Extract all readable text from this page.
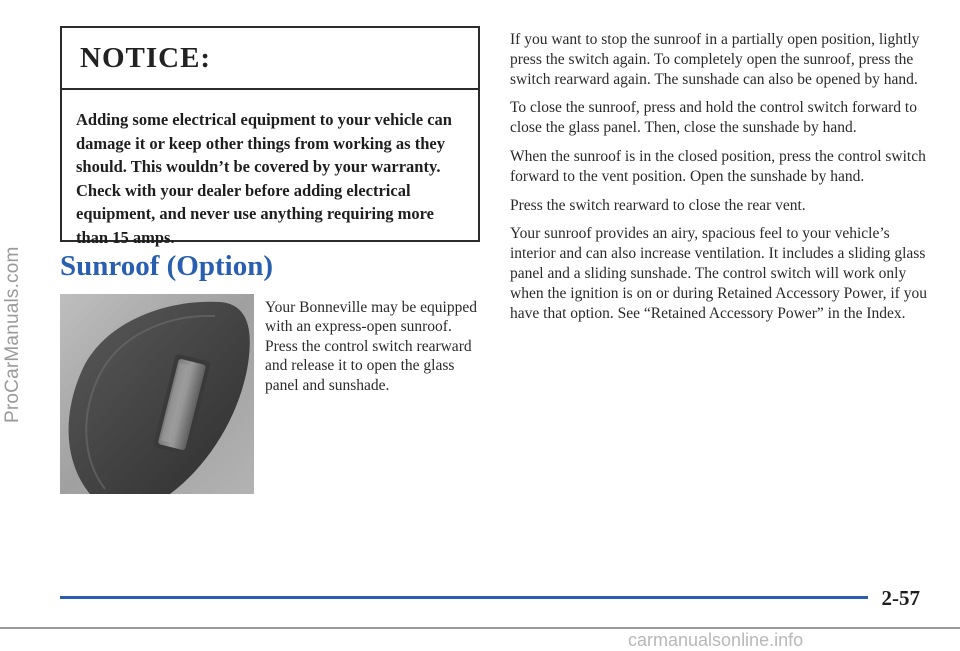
ProCarManuals.com
NOTICE:
Adding some electrical equipment to your vehicle can damage it or keep other things from working as they should. This wouldn’t be covered by your warranty. Check with your dealer before adding electrical equipment, and never use anything requiring more than 15 amps.
Sunroof (Option)

Your Bonneville may be equipped with an express-open sunroof. Press the control switch rearward and release it to open the glass panel and sunshade.

If you want to stop the sunroof in a partially open position, lightly press the switch again. To completely open the sunroof, press the switch rearward again. The sunshade can also be opened by hand.

To close the sunroof, press and hold the control switch forward to close the glass panel. Then, close the sunshade by hand.

When the sunroof is in the closed position, press the control switch forward to the vent position. Open the sunshade by hand.

Press the switch rearward to close the rear vent.

Your sunroof provides an airy, spacious feel to your vehicle’s interior and can also increase ventilation. It includes a sliding glass panel and a sliding sunshade. The control switch will work only when the ignition is on or during Retained Accessory Power, if you have that option. See “Retained Accessory Power” in the Index.

2-57
carmanualsonline.info
